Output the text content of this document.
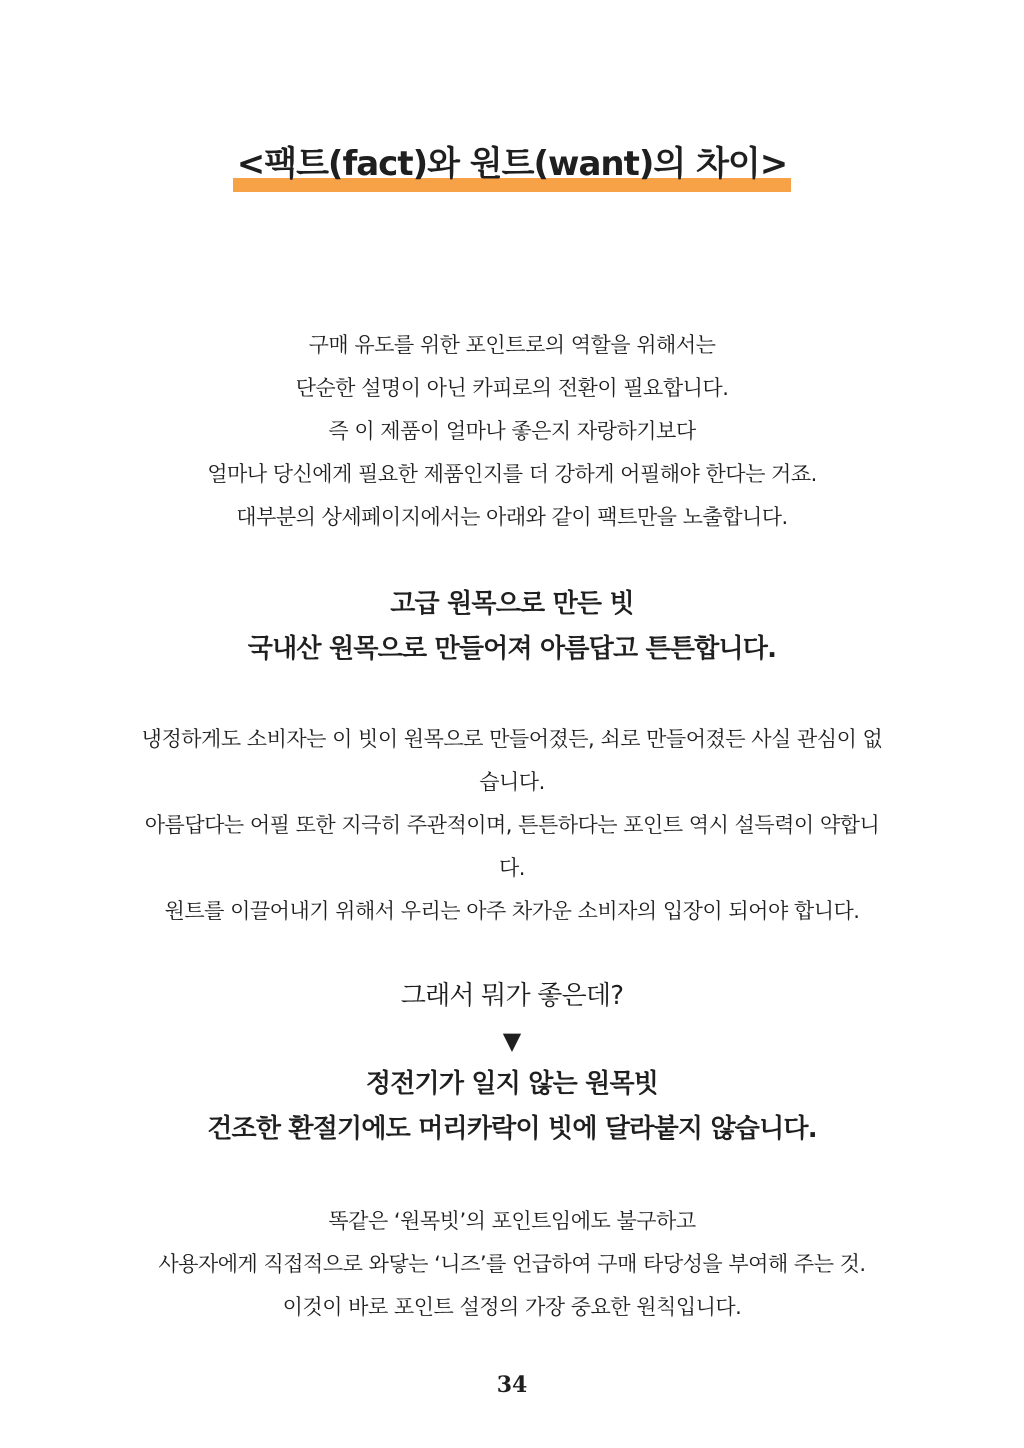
<팩트(fact)와 원트(want)의 차이>

구매 유도를 위한 포인트로의 역할을 위해서는

단순한 설명이 아닌 카피로의 전환이 필요합니다.

즉 이 제품이 얼마나 좋은지 자랑하기보다

얼마나 당신에게 필요한 제품인지를 더 강하게 어필해야 한다는 거죠.

대부분의 상세페이지에서는 아래와 같이 팩트만을 노출합니다.

고급 원목으로 만든 빗

국내산 원목으로 만들어져 아름답고 튼튼합니다.

냉정하게도 소비자는 이 빗이 원목으로 만들어졌든, 쇠로 만들어졌든 사실 관심이 없

습니다.

아름답다는 어필 또한 지극히 주관적이며, 튼튼하다는 포인트 역시 설득력이 약합니

다.

원트를 이끌어내기 위해서 우리는 아주 차가운 소비자의 입장이 되어야 합니다.

그래서 뭐가 좋은데?

▼

정전기가 일지 않는 원목빗

건조한 환절기에도 머리카락이 빗에 달라붙지 않습니다.

똑같은 ‘원목빗’의 포인트임에도 불구하고

사용자에게 직접적으로 와닿는 ‘니즈’를 언급하여 구매 타당성을 부여해 주는 것.

이것이 바로 포인트 설정의 가장 중요한 원칙입니다.

34
